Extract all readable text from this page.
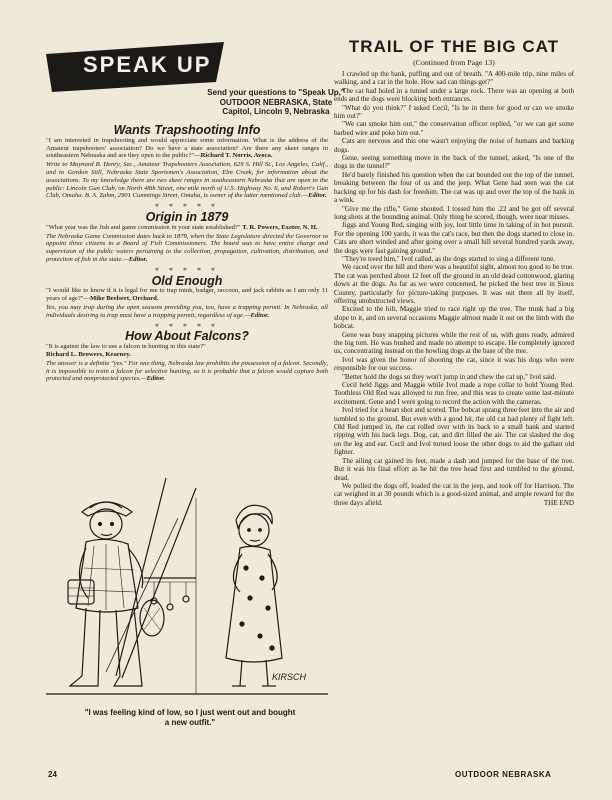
SPEAK UP
Send your questions to "Speak Up,"
OUTDOOR NEBRASKA, State
Capitol, Lincoln 9, Nebraska
Wants Trapshooting Info

"I am interested in trapshooting and would appreciate some information. What is the address of the Amateur trapshooters' association? Do we have a state association? Are there any skeet ranges in southeastern Nebraska and are they open to the public?"—Richard T. Norris, Avoca.

Write to Maynard B. Henry, Sec., Amateur Trapshooters Association, 629 S. Hill St., Los Angeles, Calif., and to Gordon Still, Nebraska State Sportsmen's Association, Elm Creek, for information about the associations. To my knowledge there are two skeet ranges in southeastern Nebraska that are open to the public: Lincoln Gun Club, on North 48th Street, one mile north of U.S. Highway No. 6, and Robert's Gun Club, Omaha. B. A. Zahm, 2901 Cummings Street, Omaha, is owner of the latter mentioned club.—Editor.

* * * * *
Origin in 1879

"What year was the fish and game commission in your state established?" T. R. Powers, Exeter, N. H.

The Nebraska Game Commission dates back to 1879, when the State Legislature directed the Governor to appoint three citizens to a Board of Fish Commissioners. The board was to have entire charge and supervision of the public waters pertaining to the collection, propagation, cultivation, distribution, and protection of fish in the state.—Editor.

* * * * *
Old Enough

"I would like to know if it is legal for me to trap mink, badger, raccoon, and jack rabbits as I am only 11 years of age?"—Mike Beelsert, Orchard.

Yes, you may trap during the open seasons providing you, too, have a trapping permit. In Nebraska, all individuals desiring to trap must have a trapping permit, regardless of age.—Editor.

* * * * *
How About Falcons?

"It is against the law to use a falcon in hunting in this state?"
Richard L. Browers, Kearney.

The answer is a definite "yes." For one thing, Nebraska law prohibits the possession of a falcon. Secondly, it is impossible to train a falcon for selective hunting, so it is probable that a falcon would capture both protected and nonprotected species.—Editor.

KIRSCH
"I was feeling kind of low, so I just went out and bought
a new outfit."
TRAIL OF THE BIG CAT
(Continued from Page 13)

I crawled up the bank, puffing and out of breath. "A 400-mile trip, nine miles of walking, and a cat in the hole. How sad can things get?"

The cat had holed in a tunnel under a large rock. There was an opening at both ends and the dogs were blocking both entrances.

"What do you think?" I asked Cecil, "Is he in there for good or can we smoke him out?"

"We can smoke him out," the conservation officer replied, "or we can get some barbed wire and poke him out."

Cats are nervous and this one wasn't enjoying the noise of humans and barking dogs.

Gene, seeing something move in the back of the tunnel, asked, "Is one of the dogs in the tunnel?"

He'd barely finished his question when the cat bounded out the top of the tunnel, breaking between the four of us and the jeep. What Gene had seen was the cat backing up for his dash for freedom. The cat was up and over the top of the bank in a wink.

"Give me the rifle," Gene shouted. I tossed him the .22 and he got off several long shots at the bounding animal. Only thing he scored, though, were near misses.

Jiggs and Young Red, singing with joy, lost little time in taking of in hot pursuit. For the opening 100 yards, it was the cat's race, but then the dogs started to close in. Cats are short winded and after going over a small hill several hundred yards away, the dogs were fast gaining ground."

"They're treed him," Ivol called, as the dogs started to sing a different tune.

We raced over the hill and there was a beautiful sight, almost too good to be true. The cat was perched about 12 feet off the ground in an old dead cottonwood, glaring down at the dogs. As far as we were concerned, he picked the best tree in Sioux County, particularly for picture-taking purposes. It was out there all by itself, offering unobstructed views.

Excited to the hilt, Maggie tried to race right up the tree. The trunk had a big slope to it, and on several occasions Maggie almost made it out on the limb with the bobcat.

Gene was busy snapping pictures while the rest of us, with guns ready, admired the big tom. He was bushed and made no attempt to escape. He completely ignored us, concentrating instead on the howling dogs at the base of the tree.

Ivol was given the honor of shooting the cat, since it was his dogs who were responsible for our success.

"Better hold the dogs so they won't jump in and chew the cat up," Ivol said.

Cecil held Jiggs and Maggie while Ivol made a rope collar to hold Young Red. Toothless Old Red was allowed to run free, and this was to create some last-minute excitement. Gene and I were going to record the action with the cameras.

Ivol tried for a heart shot and scored. The bobcat sprang three feet into the air and tumbled to the ground. But even with a good hit, the old cat had plenty of fight left. Old Red jumped in, the cat rolled over with its back to a small bank and started ripping with his back legs. Dog, cat, and dirt filled the air. The cat slashed the dog on the leg and ear. Cecil and Ivol turned loose the other dogs to aid the gallant old fighter.

The ailing cat gained its feet, made a dash and jumped for the base of the tree. But it was his final effort as he hit the tree head first and tumbled to the ground, dead.

We pulled the dogs off, loaded the cat in the jeep, and took off for Harrison. The cat weighed in at 30 pounds which is a good-sized animal, and ample reward for the three days afield.	THE END

24	OUTDOOR NEBRASKA
